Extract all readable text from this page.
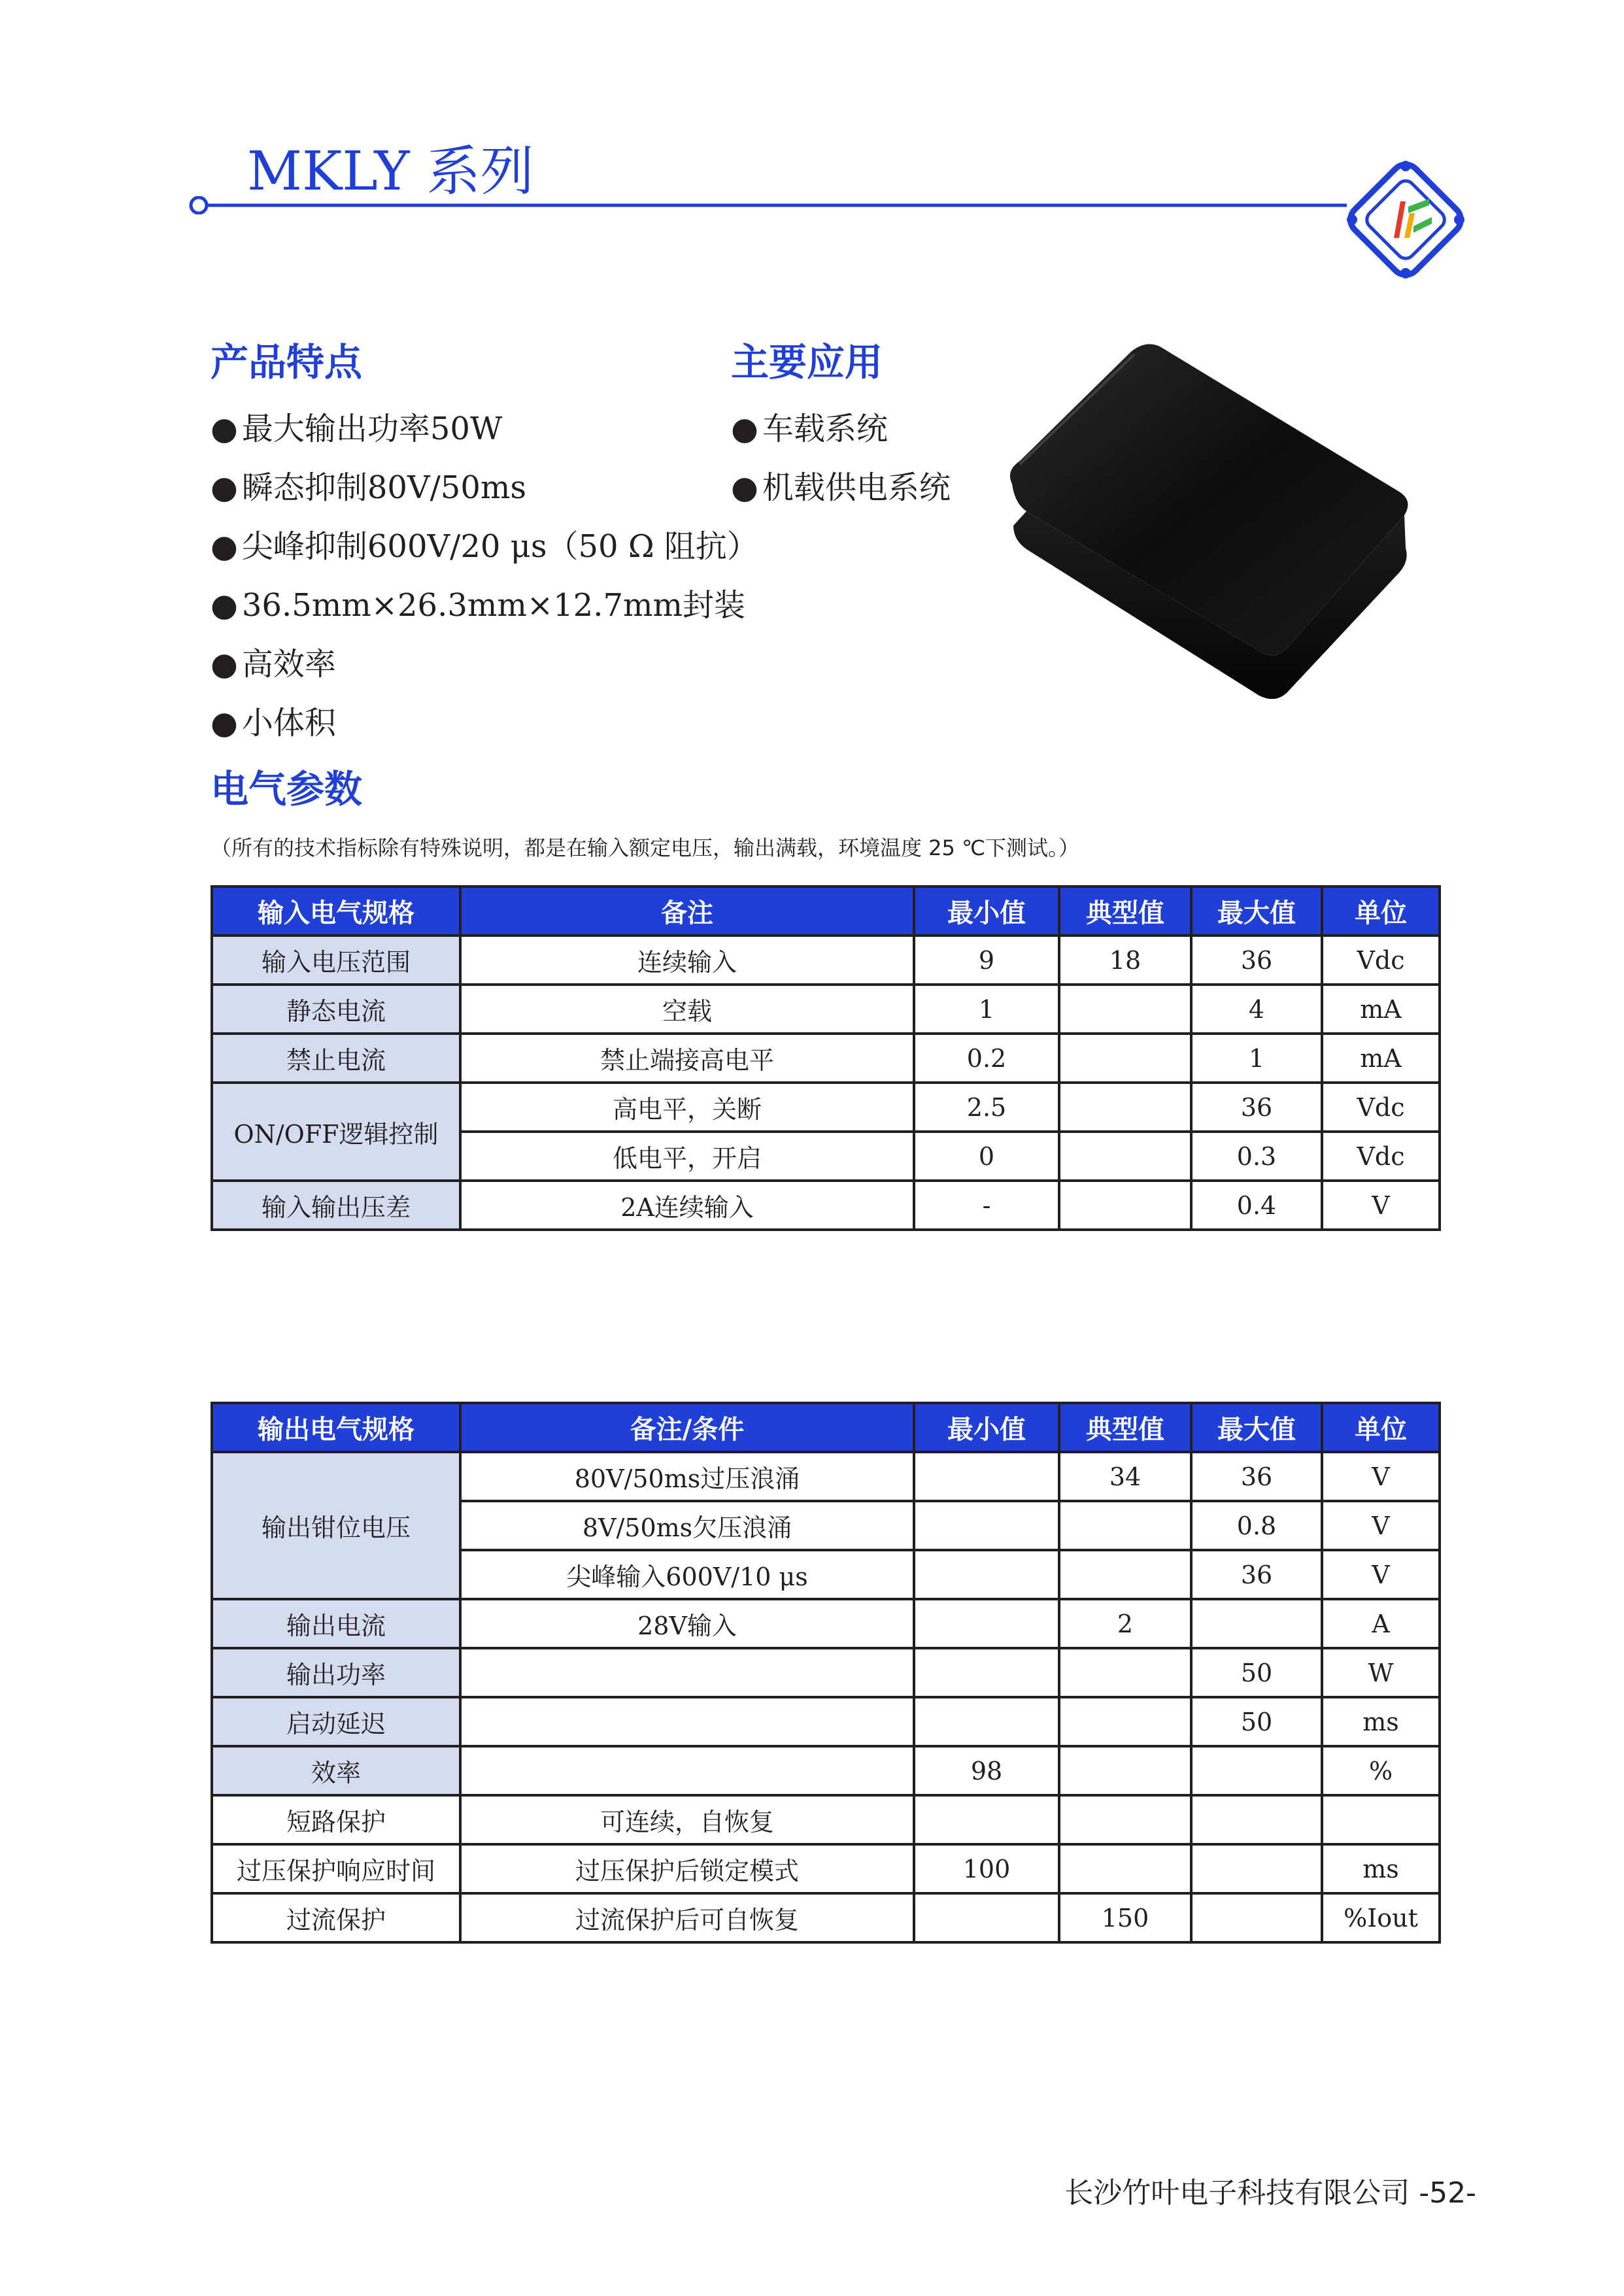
MKLY 系列
产品特点
● 最大输出功率50W
● 瞬态抑制80V/50ms
● 尖峰抑制600V/20 μs（50 Ω 阻抗）
● 36.5mm×26.3mm×12.7mm封装
● 高效率
● 小体积
主要应用
● 车载系统
● 机载供电系统
电气参数
（所有的技术指标除有特殊说明，都是在输入额定电压，输出满载，环境温度 25 ℃下测试。）
输入电气规格	备注	最小值	典型值	最大值	单位
输入电压范围	连续输入	9	18	36	Vdc
静态电流	空载	1		4	mA
禁止电流	禁止端接高电平	0.2		1	mA
ON/OFF逻辑控制	高电平，关断	2.5		36	Vdc
	低电平，开启	0		0.3	Vdc
输入输出压差	2A连续输入	-		0.4	V
输出电气规格	备注/条件	最小值	典型值	最大值	单位
输出钳位电压	80V/50ms过压浪涌		34	36	V
	8V/50ms欠压浪涌			0.8	V
	尖峰输入600V/10 μs			36	V
输出电流	28V输入		2		A
输出功率				50	W
启动延迟				50	ms
效率		98			%
短路保护	可连续，自恢复				
过压保护响应时间	过压保护后锁定模式	100			ms
过流保护	过流保护后可自恢复		150		%Iout
长沙竹叶电子科技有限公司 -52-
